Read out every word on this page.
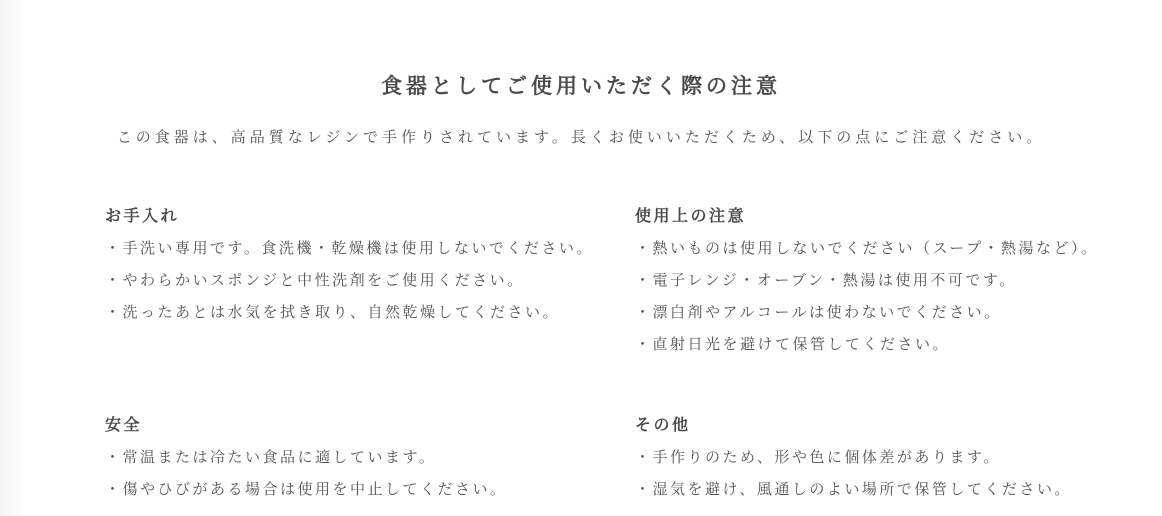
食器としてご使用いただく際の注意

この食器は、高品質なレジンで手作りされています。長くお使いいただくため、以下の点にご注意ください。

お手入れ
・ 手洗い専用です。食洗機・乾燥機は使用しないでください。
・ やわらかいスポンジと中性洗剤をご使用ください。
・ 洗ったあとは水気を拭き取り、自然乾燥してください。
使用上の注意
・ 熱いものは使用しないでください（スープ・熱湯など）。
・ 電子レンジ・オーブン・熱湯は使用不可です。
・ 漂白剤やアルコールは使わないでください。
・ 直射日光を避けて保管してください。
安全
・ 常温または冷たい食品に適しています。
・ 傷やひびがある場合は使用を中止してください。
その他
・ 手作りのため、形や色に個体差があります。
・ 湿気を避け、風通しのよい場所で保管してください。
